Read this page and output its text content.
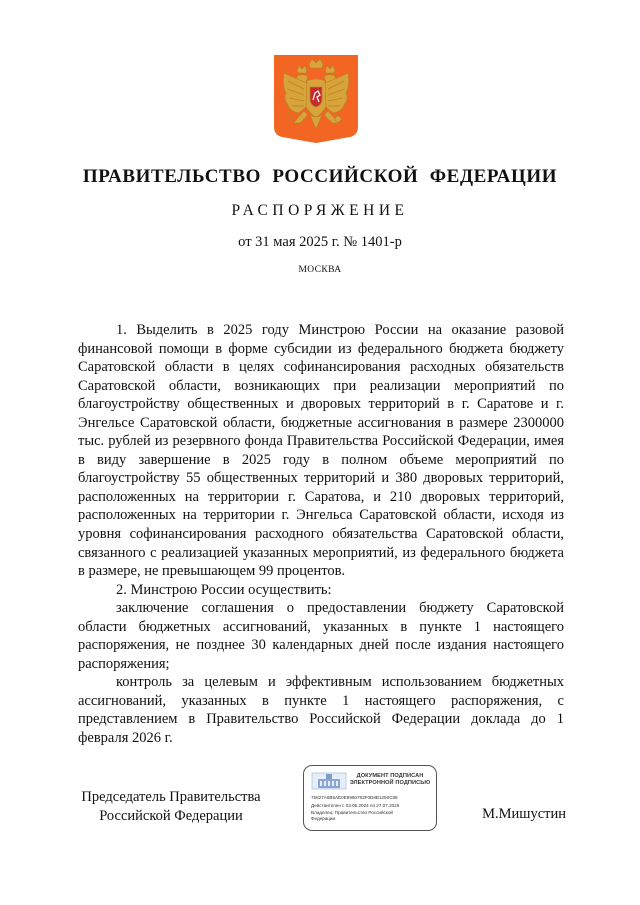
ПРАВИТЕЛЬСТВО РОССИЙСКОЙ ФЕДЕРАЦИИ
РАСПОРЯЖЕНИЕ
от 31 мая 2025 г. № 1401-р
МОСКВА

1. Выделить в 2025 году Минстрою России на оказание разовой финансовой помощи в форме субсидии из федерального бюджета бюджету Саратовской области в целях софинансирования расходных обязательств Саратовской области, возникающих при реализации мероприятий по благоустройству общественных и дворовых территорий в г. Саратове и г. Энгельсе Саратовской области, бюджетные ассигнования в размере 2300000 тыс. рублей из резервного фонда Правительства Российской Федерации, имея в виду завершение в 2025 году в полном объеме мероприятий по благоустройству 55 общественных территорий и 380 дворовых территорий, расположенных на территории г. Саратова, и 210 дворовых территорий, расположенных на территории г. Энгельса Саратовской области, исходя из уровня софинансирования расходного обязательства Саратовской области, связанного с реализацией указанных мероприятий, из федерального бюджета в размере, не превышающем 99 процентов.

2. Минстрою России осуществить:

заключение соглашения о предоставлении бюджету Саратовской области бюджетных ассигнований, указанных в пункте 1 настоящего распоряжения, не позднее 30 календарных дней после издания настоящего распоряжения;

контроль за целевым и эффективным использованием бюджетных ассигнований, указанных в пункте 1 настоящего распоряжения, с представлением в Правительство Российской Федерации доклада до 1 февраля 2026 г.

Председатель Правительства
Российской Федерации
ДОКУМЕНТ ПОДПИСАН
ЭЛЕКТРОННОЙ ПОДПИСЬЮ
75827A6B5AE0E8996783F0D8B1250C88
Действителен с 03.05.2024 по 27.07.2025
Владелец: Правительство Российской
Федерации	М.Мишустин
